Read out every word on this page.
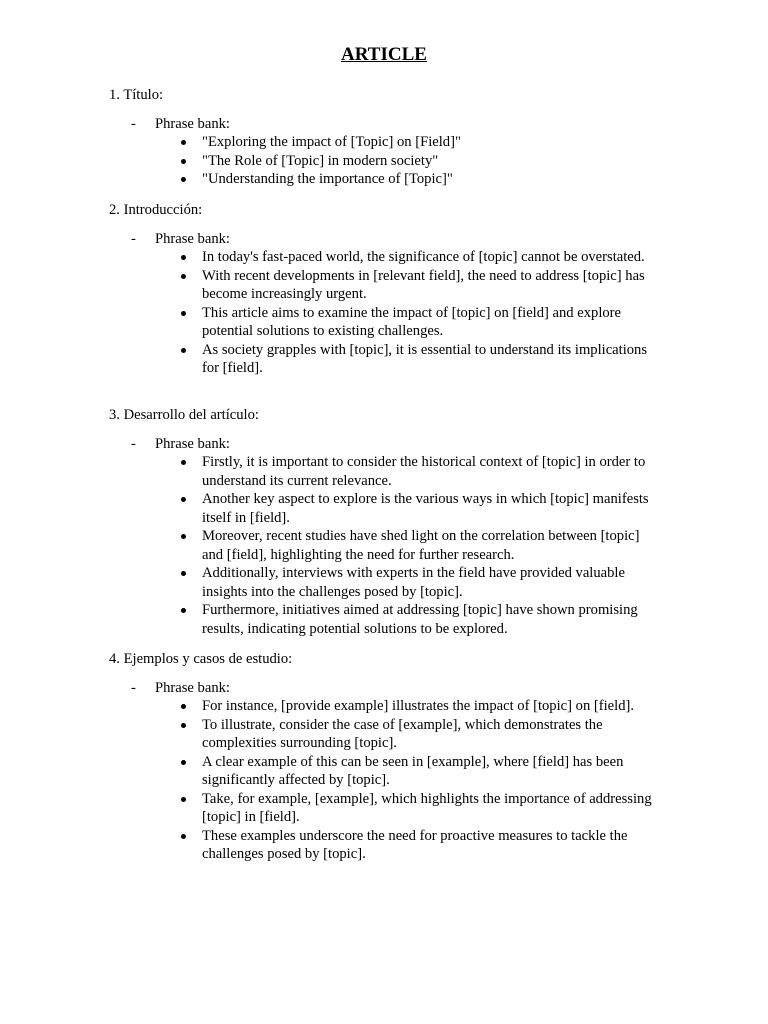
ARTICLE

1. Título:

- Phrase bank:
"Exploring the impact of [Topic] on [Field]"
"The Role of [Topic] in modern society"
"Understanding the importance of [Topic]"

2. Introducción:

- Phrase bank:
In today's fast-paced world, the significance of [topic] cannot be overstated.
With recent developments in [relevant field], the need to address [topic] has become increasingly urgent.
This article aims to examine the impact of [topic] on [field] and explore potential solutions to existing challenges.
As society grapples with [topic], it is essential to understand its implications for [field].

3. Desarrollo del artículo:

- Phrase bank:
Firstly, it is important to consider the historical context of [topic] in order to understand its current relevance.
Another key aspect to explore is the various ways in which [topic] manifests itself in [field].
Moreover, recent studies have shed light on the correlation between [topic] and [field], highlighting the need for further research.
Additionally, interviews with experts in the field have provided valuable insights into the challenges posed by [topic].
Furthermore, initiatives aimed at addressing [topic] have shown promising results, indicating potential solutions to be explored.

4. Ejemplos y casos de estudio:

- Phrase bank:
For instance, [provide example] illustrates the impact of [topic] on [field].
To illustrate, consider the case of [example], which demonstrates the complexities surrounding [topic].
A clear example of this can be seen in [example], where [field] has been significantly affected by [topic].
Take, for example, [example], which highlights the importance of addressing [topic] in [field].
These examples underscore the need for proactive measures to tackle the challenges posed by [topic].
